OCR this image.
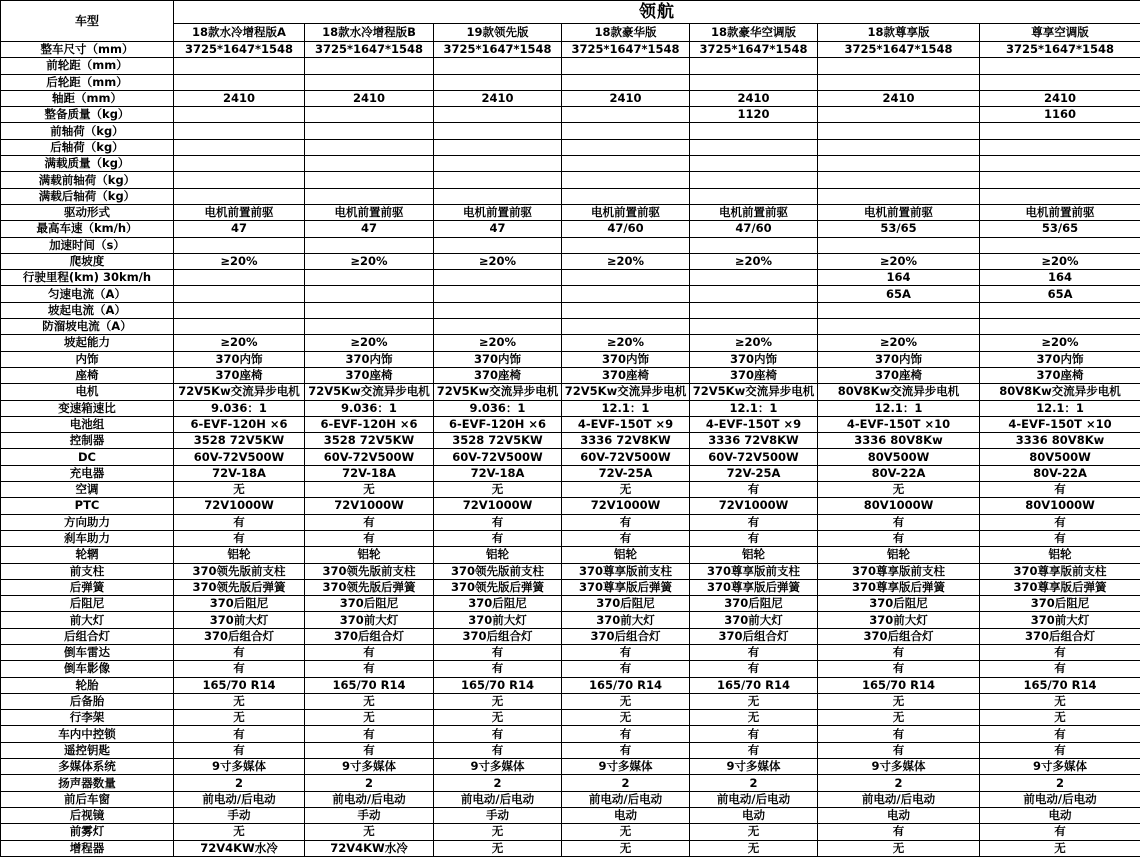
车型	领航						
	18款水冷增程版A	18款水冷增程版B	19款领先版	18款豪华版	18款豪华空调版	18款尊享版	尊享空调版
整车尺寸（mm）	3725*1647*1548	3725*1647*1548	3725*1647*1548	3725*1647*1548	3725*1647*1548	3725*1647*1548	3725*1647*1548
前轮距（mm）							
后轮距（mm）							
轴距（mm）	2410	2410	2410	2410	2410	2410	2410
整备质量（kg）					1120		1160
前轴荷（kg）							
后轴荷（kg）							
满载质量（kg）							
满载前轴荷（kg）							
满载后轴荷（kg）							
驱动形式	电机前置前驱	电机前置前驱	电机前置前驱	电机前置前驱	电机前置前驱	电机前置前驱	电机前置前驱
最高车速（km/h）	47	47	47	47/60	47/60	53/65	53/65
加速时间（s）							
爬坡度	≥20%	≥20%	≥20%	≥20%	≥20%	≥20%	≥20%
行驶里程(km) 30km/h						164	164
匀速电流（A）						65A	65A
坡起电流（A）							
防溜坡电流（A）							
坡起能力	≥20%	≥20%	≥20%	≥20%	≥20%	≥20%	≥20%
内饰	370内饰	370内饰	370内饰	370内饰	370内饰	370内饰	370内饰
座椅	370座椅	370座椅	370座椅	370座椅	370座椅	370座椅	370座椅
电机	72V5Kw交流异步电机	72V5Kw交流异步电机	72V5Kw交流异步电机	72V5Kw交流异步电机	72V5Kw交流异步电机	80V8Kw交流异步电机	80V8Kw交流异步电机
变速箱速比	9.036：1	9.036：1	9.036：1	12.1：1	12.1：1	12.1：1	12.1：1
电池组	6-EVF-120H ×6	6-EVF-120H ×6	6-EVF-120H ×6	4-EVF-150T ×9	4-EVF-150T ×9	4-EVF-150T ×10	4-EVF-150T ×10
控制器	3528 72V5KW	3528 72V5KW	3528 72V5KW	3336 72V8KW	3336 72V8KW	3336 80V8Kw	3336 80V8Kw
DC	60V-72V500W	60V-72V500W	60V-72V500W	60V-72V500W	60V-72V500W	80V500W	80V500W
充电器	72V-18A	72V-18A	72V-18A	72V-25A	72V-25A	80V-22A	80V-22A
空调	无	无	无	无	有	无	有
PTC	72V1000W	72V1000W	72V1000W	72V1000W	72V1000W	80V1000W	80V1000W
方向助力	有	有	有	有	有	有	有
刹车助力	有	有	有	有	有	有	有
轮辋	铝轮	铝轮	铝轮	铝轮	铝轮	铝轮	铝轮
前支柱	370领先版前支柱	370领先版前支柱	370领先版前支柱	370尊享版前支柱	370尊享版前支柱	370尊享版前支柱	370尊享版前支柱
后弹簧	370领先版后弹簧	370领先版后弹簧	370领先版后弹簧	370尊享版后弹簧	370尊享版后弹簧	370尊享版后弹簧	370尊享版后弹簧
后阻尼	370后阻尼	370后阻尼	370后阻尼	370后阻尼	370后阻尼	370后阻尼	370后阻尼
前大灯	370前大灯	370前大灯	370前大灯	370前大灯	370前大灯	370前大灯	370前大灯
后组合灯	370后组合灯	370后组合灯	370后组合灯	370后组合灯	370后组合灯	370后组合灯	370后组合灯
倒车雷达	有	有	有	有	有	有	有
倒车影像	有	有	有	有	有	有	有
轮胎	165/70 R14	165/70 R14	165/70 R14	165/70 R14	165/70 R14	165/70 R14	165/70 R14
后备胎	无	无	无	无	无	无	无
行李架	无	无	无	无	无	无	无
车内中控锁	有	有	有	有	有	有	有
遥控钥匙	有	有	有	有	有	有	有
多媒体系统	9寸多媒体	9寸多媒体	9寸多媒体	9寸多媒体	9寸多媒体	9寸多媒体	9寸多媒体
扬声器数量	2	2	2	2	2	2	2
前后车窗	前电动/后电动	前电动/后电动	前电动/后电动	前电动/后电动	前电动/后电动	前电动/后电动	前电动/后电动
后视镜	手动	手动	手动	电动	电动	电动	电动
前雾灯	无	无	无	无	无	有	有
增程器	72V4KW水冷	72V4KW水冷	无	无	无	无	无
